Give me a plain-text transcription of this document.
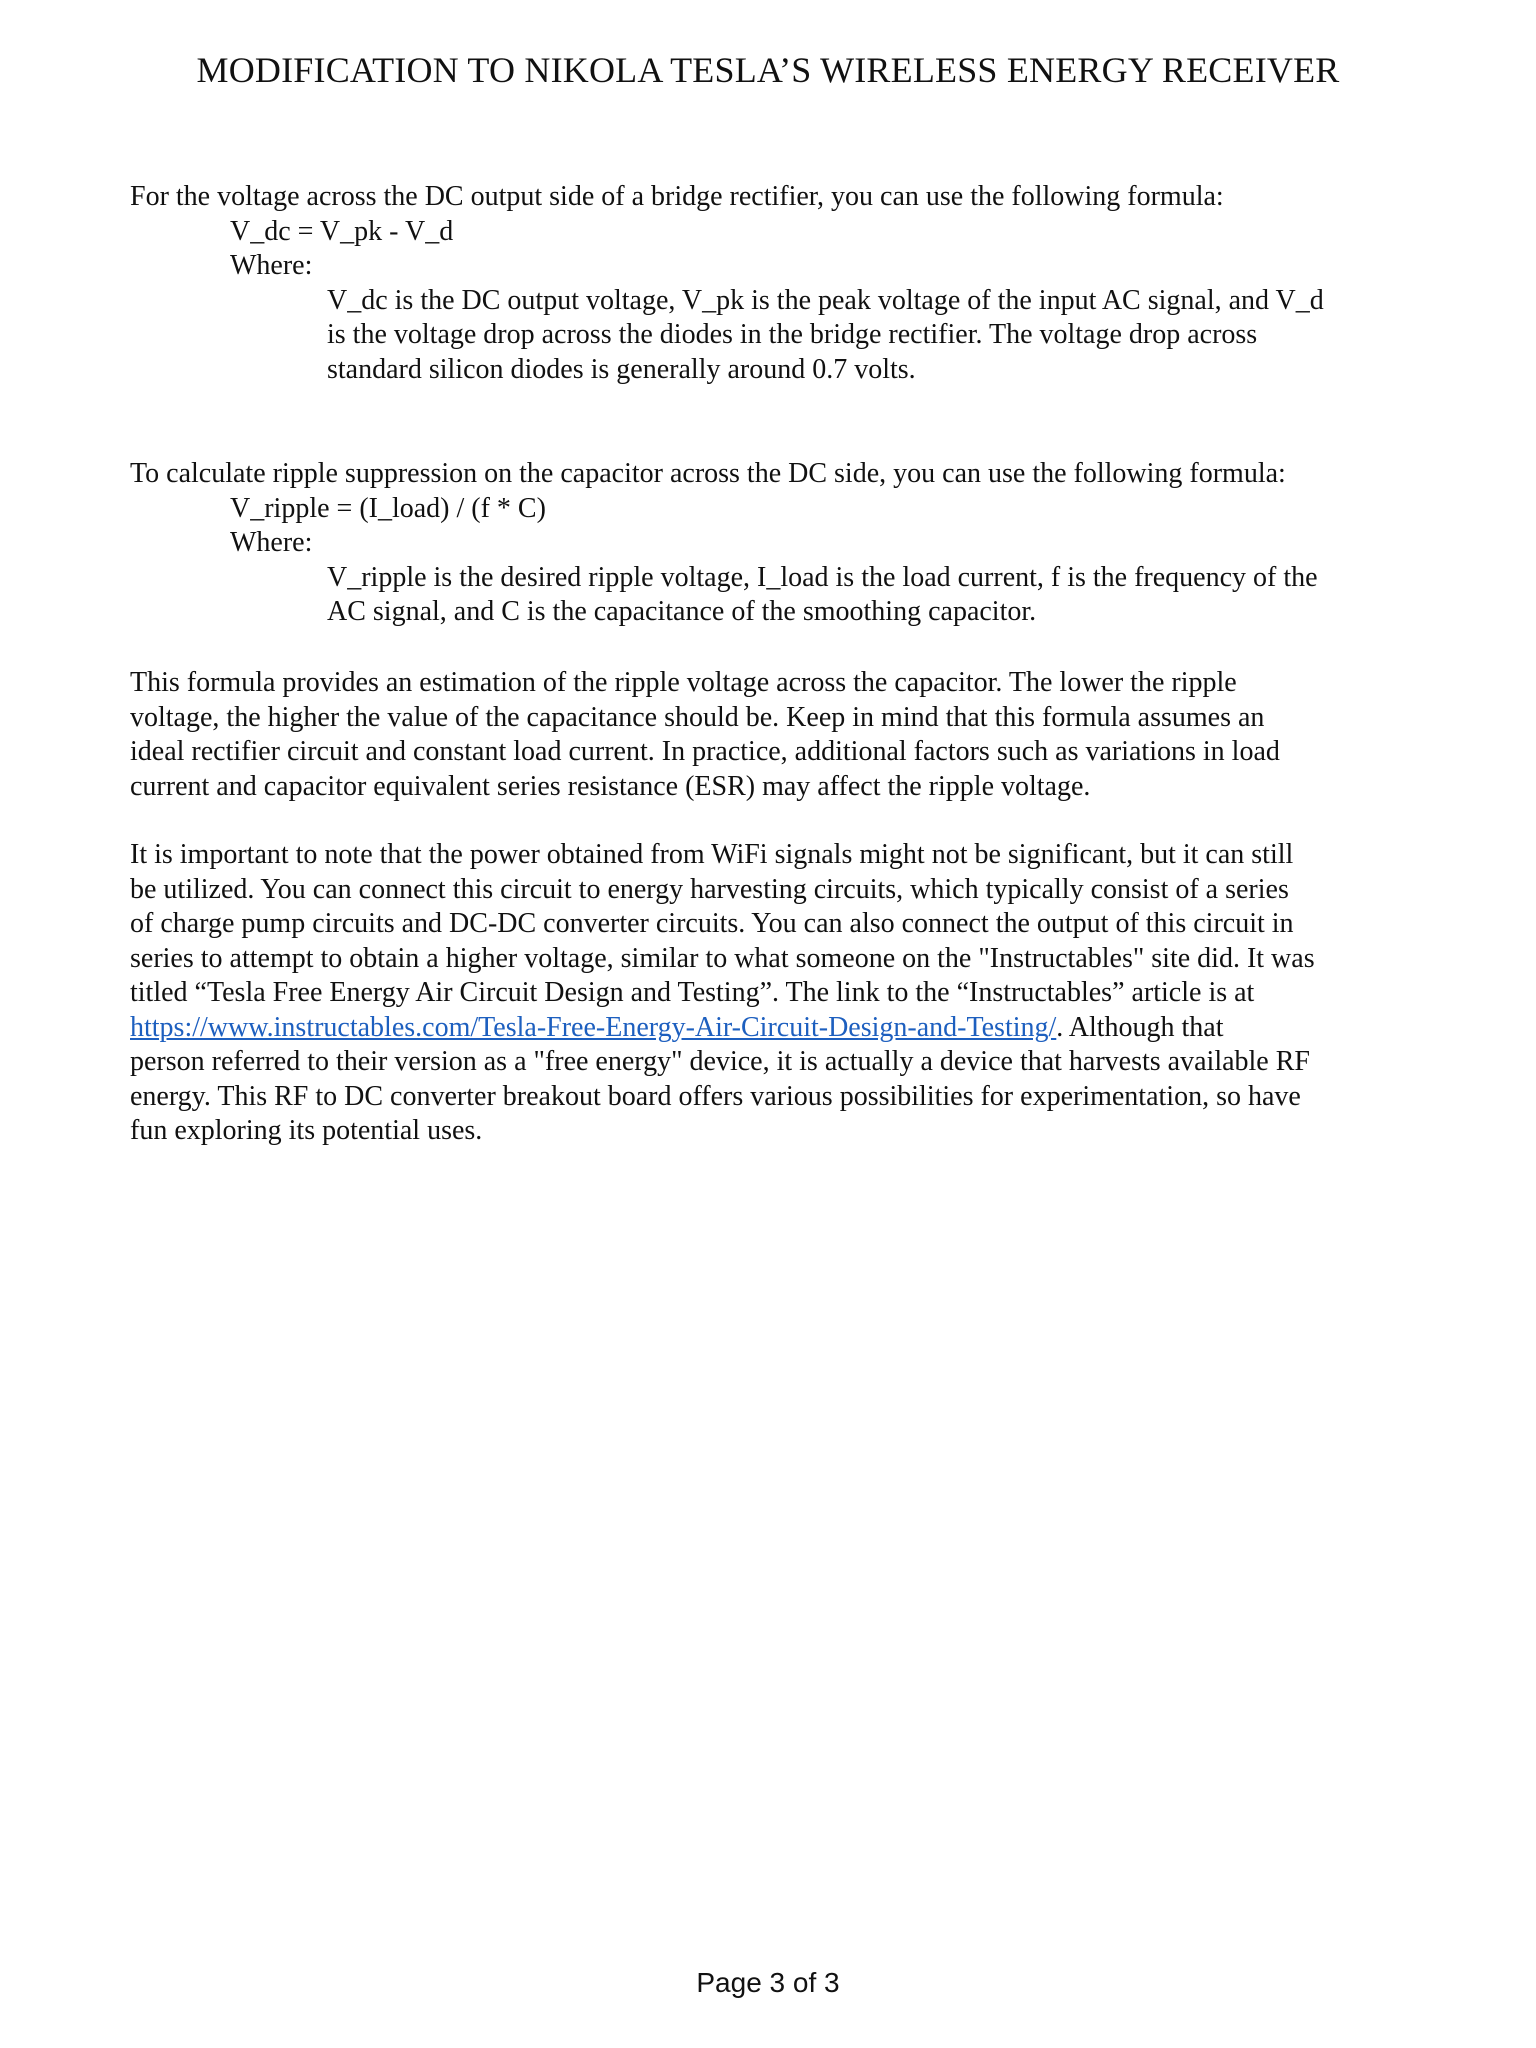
MODIFICATION TO NIKOLA TESLA’S WIRELESS ENERGY RECEIVER
For the voltage across the DC output side of a bridge rectifier, you can use the following formula:
V_dc = V_pk - V_d
Where:
V_dc is the DC output voltage, V_pk is the peak voltage of the input AC signal, and V_d
is the voltage drop across the diodes in the bridge rectifier. The voltage drop across
standard silicon diodes is generally around 0.7 volts.
To calculate ripple suppression on the capacitor across the DC side, you can use the following formula:
V_ripple = (I_load) / (f * C)
Where:
V_ripple is the desired ripple voltage, I_load is the load current, f is the frequency of the
AC signal, and C is the capacitance of the smoothing capacitor.
This formula provides an estimation of the ripple voltage across the capacitor. The lower the ripple
voltage, the higher the value of the capacitance should be. Keep in mind that this formula assumes an
ideal rectifier circuit and constant load current. In practice, additional factors such as variations in load
current and capacitor equivalent series resistance (ESR) may affect the ripple voltage.
It is important to note that the power obtained from WiFi signals might not be significant, but it can still
be utilized. You can connect this circuit to energy harvesting circuits, which typically consist of a series
of charge pump circuits and DC-DC converter circuits. You can also connect the output of this circuit in
series to attempt to obtain a higher voltage, similar to what someone on the "Instructables" site did. It was
titled “Tesla Free Energy Air Circuit Design and Testing”. The link to the “Instructables” article is at
https://www.instructables.com/Tesla-Free-Energy-Air-Circuit-Design-and-Testing/. Although that
person referred to their version as a "free energy" device, it is actually a device that harvests available RF
energy. This RF to DC converter breakout board offers various possibilities for experimentation, so have
fun exploring its potential uses.
Page 3 of 3
